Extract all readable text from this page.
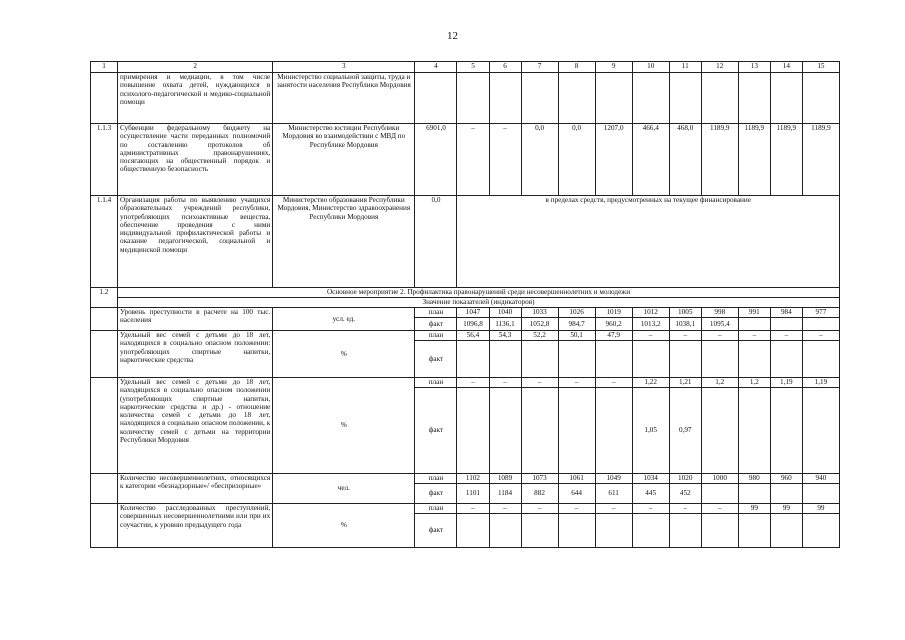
12
1	2	3	4	5	6	7	8	9	10	11	12	13	14	15
	примирения и медиации, в том числе повышение охвата детей, нуждающихся в психолого-педагогической и медико-социальной помощи	Министерство социальной защиты, труда и занятости населения Республики Мордовия												
1.1.3	Субвенции федеральному бюджету на осуществление части переданных полномочий по составлению протоколов об административных правонарушениях, посягающих на общественный порядок и общественную безопасность	Министерство юстиции Республики Мордовия во взаимодействии с МВД по Республике Мордовия	6901,0	–	–	0,0	0,0	1207,0	466,4	468,0	1189,9	1189,9	1189,9	1189,9
1.1.4	Организация работы по выявлению учащихся образовательных учреждений республики, употребляющих психоактивные вещества, обеспечение проведения с ними индивидуальной профилактической работы и оказание педагогической, социальной и медицинской помощи	Министерство образования Республики Мордовия, Министерство здравоохранения Республики Мордовия	0,0	в пределах средств, предусмотренных на текущее финансирование										
1.2	Основное мероприятие 2. Профилактика правонарушений среди несовершеннолетних и молодежи													
	Значение показателей (индикаторов)													
	Уровень преступности в расчете на 100 тыс. населения	усл. ед.	план	1047	1040	1033	1026	1019	1012	1005	998	991	984	977
			факт	1096,8	1136,1	1052,8	984,7	960,2	1013,2	1038,1	1095,4			
	Удельный вес семей с детьми до 18 лет, находящихся в социально опасном положении: употребляющих спиртные напитки, наркотические средства	%	план	56,4	54,3	52,2	50,1	47,9	–	–	–	–	–	–
			факт											
	Удельный вес семей с детьми до 18 лет, находящихся в социально опасном положении (употребляющих спиртные напитки, наркотические средства и др.) - отношение количества семей с детьми до 18 лет, находящихся в социально опасном положении, к количеству семей с детьми на территории Республики Мордовия	%	план	–	–	–	–	–	1,22	1,21	1,2	1,2	1,19	1,19
			факт						1,05	0,97				
	Количество несовершеннолетних, относящихся к категории «безнадзорные»/ «беспризорные»	чел.	план	1102	1089	1073	1061	1049	1034	1020	1000	980	960	940
			факт	1101	1184	882	644	611	445	452				
	Количество расследованных преступлений, совершенных несовершеннолетними или при их соучастии, к уровню предыдущего года	%	план	–	–	–	–	–	–	–	–	99	99	99
			факт											
